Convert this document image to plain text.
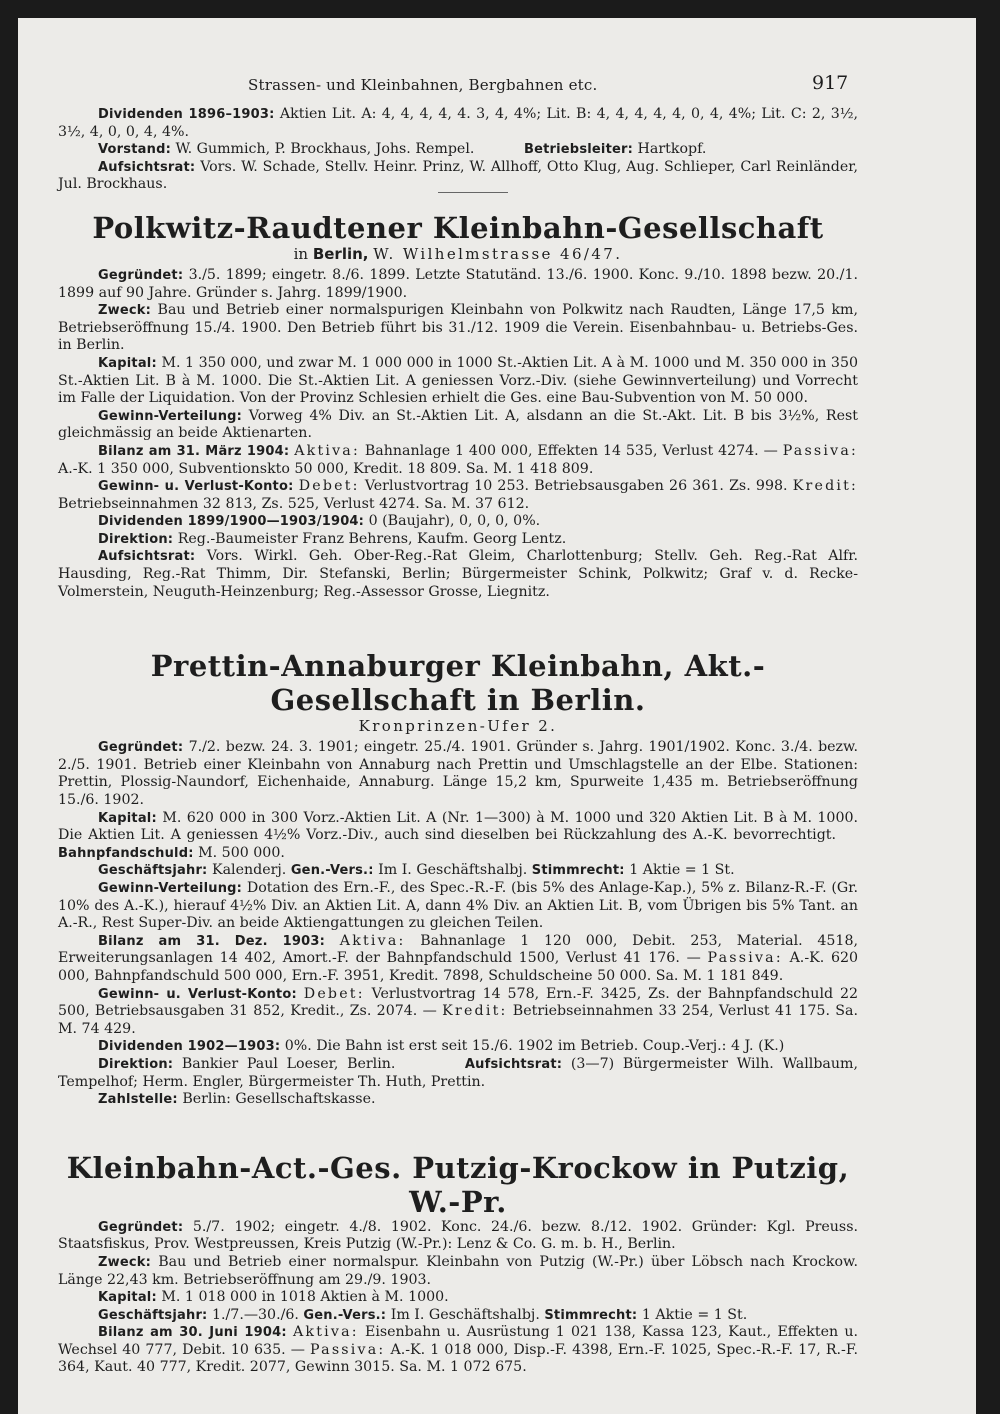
Strassen- und Kleinbahnen, Bergbahnen etc.	917

Dividenden 1896–1903: Aktien Lit. A: 4, 4, 4, 4, 4. 3, 4, 4%; Lit. B: 4, 4, 4, 4, 4, 0, 4, 4%; Lit. C: 2, 3½, 3½, 4, 0, 0, 4, 4%.

Vorstand: W. Gummich, P. Brockhaus, Johs. Rempel.	Betriebsleiter: Hartkopf.

Aufsichtsrat: Vors. W. Schade, Stellv. Heinr. Prinz, W. Allhoff, Otto Klug, Aug. Schlieper, Carl Reinländer, Jul. Brockhaus.

Polkwitz-Raudtener Kleinbahn-Gesellschaft

in Berlin, W. Wilhelmstrasse 46/47.

Gegründet: 3./5. 1899; eingetr. 8./6. 1899. Letzte Statutänd. 13./6. 1900. Konc. 9./10. 1898 bezw. 20./1. 1899 auf 90 Jahre. Gründer s. Jahrg. 1899/1900.

Zweck: Bau und Betrieb einer normalspurigen Kleinbahn von Polkwitz nach Raudten, Länge 17,5 km, Betriebseröffnung 15./4. 1900. Den Betrieb führt bis 31./12. 1909 die Verein. Eisenbahnbau- u. Betriebs-Ges. in Berlin.

Kapital: M. 1 350 000, und zwar M. 1 000 000 in 1000 St.-Aktien Lit. A à M. 1000 und M. 350 000 in 350 St.-Aktien Lit. B à M. 1000. Die St.-Aktien Lit. A geniessen Vorz.-Div. (siehe Gewinnverteilung) und Vorrecht im Falle der Liquidation. Von der Provinz Schlesien erhielt die Ges. eine Bau-Subvention von M. 50 000.

Gewinn-Verteilung: Vorweg 4% Div. an St.-Aktien Lit. A, alsdann an die St.-Akt. Lit. B bis 3½%, Rest gleichmässig an beide Aktienarten.

Bilanz am 31. März 1904: Aktiva: Bahnanlage 1 400 000, Effekten 14 535, Verlust 4274. — Passiva: A.-K. 1 350 000, Subventionskto 50 000, Kredit. 18 809. Sa. M. 1 418 809.

Gewinn- u. Verlust-Konto: Debet: Verlustvortrag 10 253. Betriebsausgaben 26 361. Zs. 998. Kredit: Betriebseinnahmen 32 813, Zs. 525, Verlust 4274. Sa. M. 37 612.

Dividenden 1899/1900—1903/1904: 0 (Baujahr), 0, 0, 0, 0%.

Direktion: Reg.-Baumeister Franz Behrens, Kaufm. Georg Lentz.

Aufsichtsrat: Vors. Wirkl. Geh. Ober-Reg.-Rat Gleim, Charlottenburg; Stellv. Geh. Reg.-Rat Alfr. Hausding, Reg.-Rat Thimm, Dir. Stefanski, Berlin; Bürgermeister Schink, Polkwitz; Graf v. d. Recke-Volmerstein, Neuguth-Heinzenburg; Reg.-Assessor Grosse, Liegnitz.

Prettin-Annaburger Kleinbahn, Akt.-Gesellschaft in Berlin.

Kronprinzen-Ufer 2.

Gegründet: 7./2. bezw. 24. 3. 1901; eingetr. 25./4. 1901. Gründer s. Jahrg. 1901/1902. Konc. 3./4. bezw. 2./5. 1901. Betrieb einer Kleinbahn von Annaburg nach Prettin und Umschlagstelle an der Elbe. Stationen: Prettin, Plossig-Naundorf, Eichenhaide, Annaburg. Länge 15,2 km, Spurweite 1,435 m. Betriebseröffnung 15./6. 1902.

Kapital: M. 620 000 in 300 Vorz.-Aktien Lit. A (Nr. 1—300) à M. 1000 und 320 Aktien Lit. B à M. 1000. Die Aktien Lit. A geniessen 4½% Vorz.-Div., auch sind dieselben bei Rückzahlung des A.-K. bevorrechtigt.     Bahnpfandschuld: M. 500 000.

Geschäftsjahr: Kalenderj. Gen.-Vers.: Im I. Geschäftshalbj. Stimmrecht: 1 Aktie = 1 St.

Gewinn-Verteilung: Dotation des Ern.-F., des Spec.-R.-F. (bis 5% des Anlage-Kap.), 5% z. Bilanz-R.-F. (Gr. 10% des A.-K.), hierauf 4½% Div. an Aktien Lit. A, dann 4% Div. an Aktien Lit. B, vom Übrigen bis 5% Tant. an A.-R., Rest Super-Div. an beide Aktiengattungen zu gleichen Teilen.

Bilanz am 31. Dez. 1903: Aktiva: Bahnanlage 1 120 000, Debit. 253, Material. 4518, Erweiterungsanlagen 14 402, Amort.-F. der Bahnpfandschuld 1500, Verlust 41 176. — Passiva: A.-K. 620 000, Bahnpfandschuld 500 000, Ern.-F. 3951, Kredit. 7898, Schuldscheine 50 000. Sa. M. 1 181 849.

Gewinn- u. Verlust-Konto: Debet: Verlustvortrag 14 578, Ern.-F. 3425, Zs. der Bahnpfandschuld 22 500, Betriebsausgaben 31 852, Kredit., Zs. 2074. — Kredit: Betriebseinnahmen 33 254, Verlust 41 175. Sa. M. 74 429.

Dividenden 1902—1903: 0%. Die Bahn ist erst seit 15./6. 1902 im Betrieb. Coup.-Verj.: 4 J. (K.)

Direktion: Bankier Paul Loeser, Berlin.	Aufsichtsrat: (3—7) Bürgermeister Wilh. Wallbaum, Tempelhof; Herm. Engler, Bürgermeister Th. Huth, Prettin.

Zahlstelle: Berlin: Gesellschaftskasse.

Kleinbahn-Act.-Ges. Putzig-Krockow in Putzig, W.-Pr.

Gegründet: 5./7. 1902; eingetr. 4./8. 1902. Konc. 24./6. bezw. 8./12. 1902. Gründer: Kgl. Preuss. Staatsfiskus, Prov. Westpreussen, Kreis Putzig (W.-Pr.): Lenz & Co. G. m. b. H., Berlin.

Zweck: Bau und Betrieb einer normalspur. Kleinbahn von Putzig (W.-Pr.) über Löbsch nach Krockow. Länge 22,43 km. Betriebseröffnung am 29./9. 1903.

Kapital: M. 1 018 000 in 1018 Aktien à M. 1000.

Geschäftsjahr: 1./7.—30./6. Gen.-Vers.: Im I. Geschäftshalbj. Stimmrecht: 1 Aktie = 1 St.

Bilanz am 30. Juni 1904: Aktiva: Eisenbahn u. Ausrüstung 1 021 138, Kassa 123, Kaut., Effekten u. Wechsel 40 777, Debit. 10 635. — Passiva: A.-K. 1 018 000, Disp.-F. 4398, Ern.-F. 1025, Spec.-R.-F. 17, R.-F. 364, Kaut. 40 777, Kredit. 2077, Gewinn 3015. Sa. M. 1 072 675.
